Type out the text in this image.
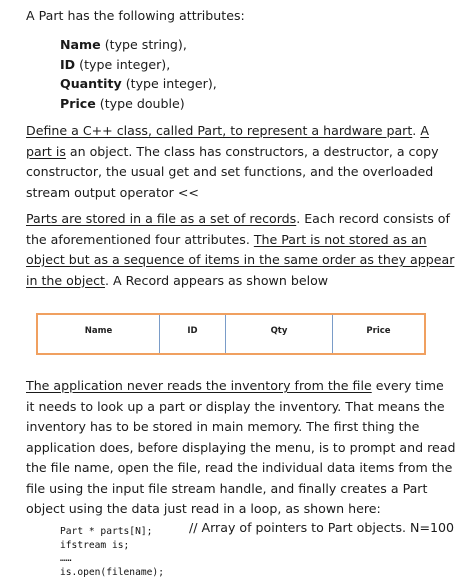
A Part has the following attributes:
Name (type string),
ID (type integer),
Quantity (type integer),
Price (type double)

Define a C++ class, called Part, to represent a hardware part. A part is an object. The class has constructors, a destructor, a copy constructor, the usual get and set functions, and the overloaded stream output operator <<

Parts are stored in a file as a set of records. Each record consists of the aforementioned four attributes. The Part is not stored as an object but as a sequence of items in the same order as they appear in the object. A Record appears as shown below

Name	ID	Qty	Price

The application never reads the inventory from the file every time it needs to look up a part or display the inventory. That means the inventory has to be stored in main memory. The first thing the application does, before displaying the menu, is to prompt and read the file name, open the file, read the individual data items from the file using the input file stream handle, and finally creates a Part object using the data just read in a loop, as shown here:

Part * parts[N];
ifstream is;
……
is.open(filename);
// Array of pointers to Part objects. N=100
